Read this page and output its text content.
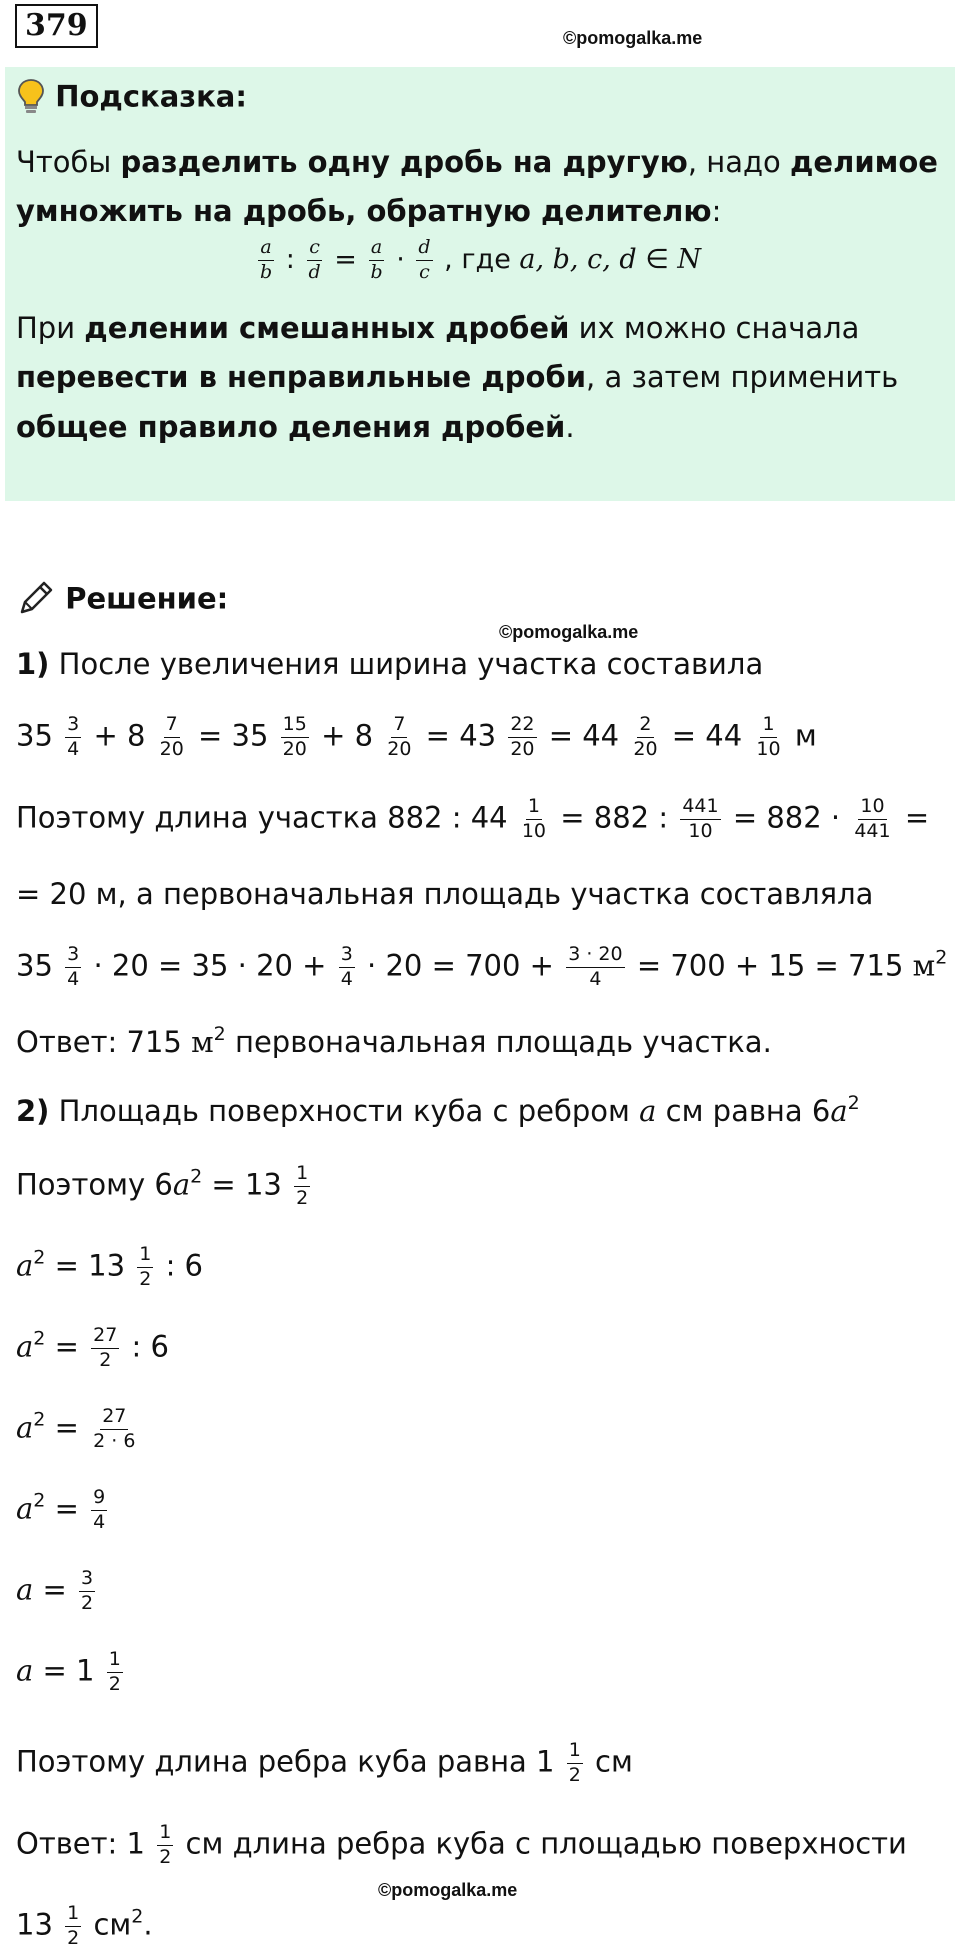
379	©pomogalka.me
Подсказка:
Чтобы разделить одну дробь на другую, надо делимое
умножить на дробь, обратную делителю:
$\frac{a}{b}$ : $\frac{c}{d} = \frac{a}{b} \cdot \frac{d}{c}$ , где a, b, c, d ∈ N
При делении смешанных дробей их можно сначала
перевести в неправильные дроби, а затем применить
общее правило деления дробей.
Решение:
©pomogalka.me
1) После увеличения ширина участка составила
$35 \frac{3}{4} + 8 \frac{7}{20} = 35 \frac{15}{20} + 8 \frac{7}{20} = 43 \frac{22}{20} = 44 \frac{2}{20} = 44 \frac{1}{10}$ м
Поэтому длина участка 882 : $44 \frac{1}{10} = 882$ : $\frac{441}{10} = 882 \cdot \frac{10}{441}$ =
= 20 м, а первоначальная площадь участка составляла
$35 \frac{3}{4} \cdot 20 = 35 \cdot 20 + \frac{3}{4} \cdot 20 = 700 + \frac{3 \cdot 20}{4} = 700 + 15 = 715$ $м^2$
Ответ: 715 $м^2$ первоначальная площадь участка.
2) Площадь поверхности куба с ребром a см равна $6a^2$
Поэтому $6a^2 = 13 \frac{1}{2}$
$a^2 = 13 \frac{1}{2}$ : 6
$a^2 = \frac{27}{2}$ : 6
$a^2 = \frac{27}{2 \cdot 6}$
$a^2 = \frac{9}{4}$
$a = \frac{3}{2}$
$a = 1 \frac{1}{2}$
Поэтому длина ребра куба равна $1 \frac{1}{2}$ см
Ответ: $1 \frac{1}{2}$ см длина ребра куба с площадью поверхности
©pomogalka.me
$13 \frac{1}{2} см^2$.
